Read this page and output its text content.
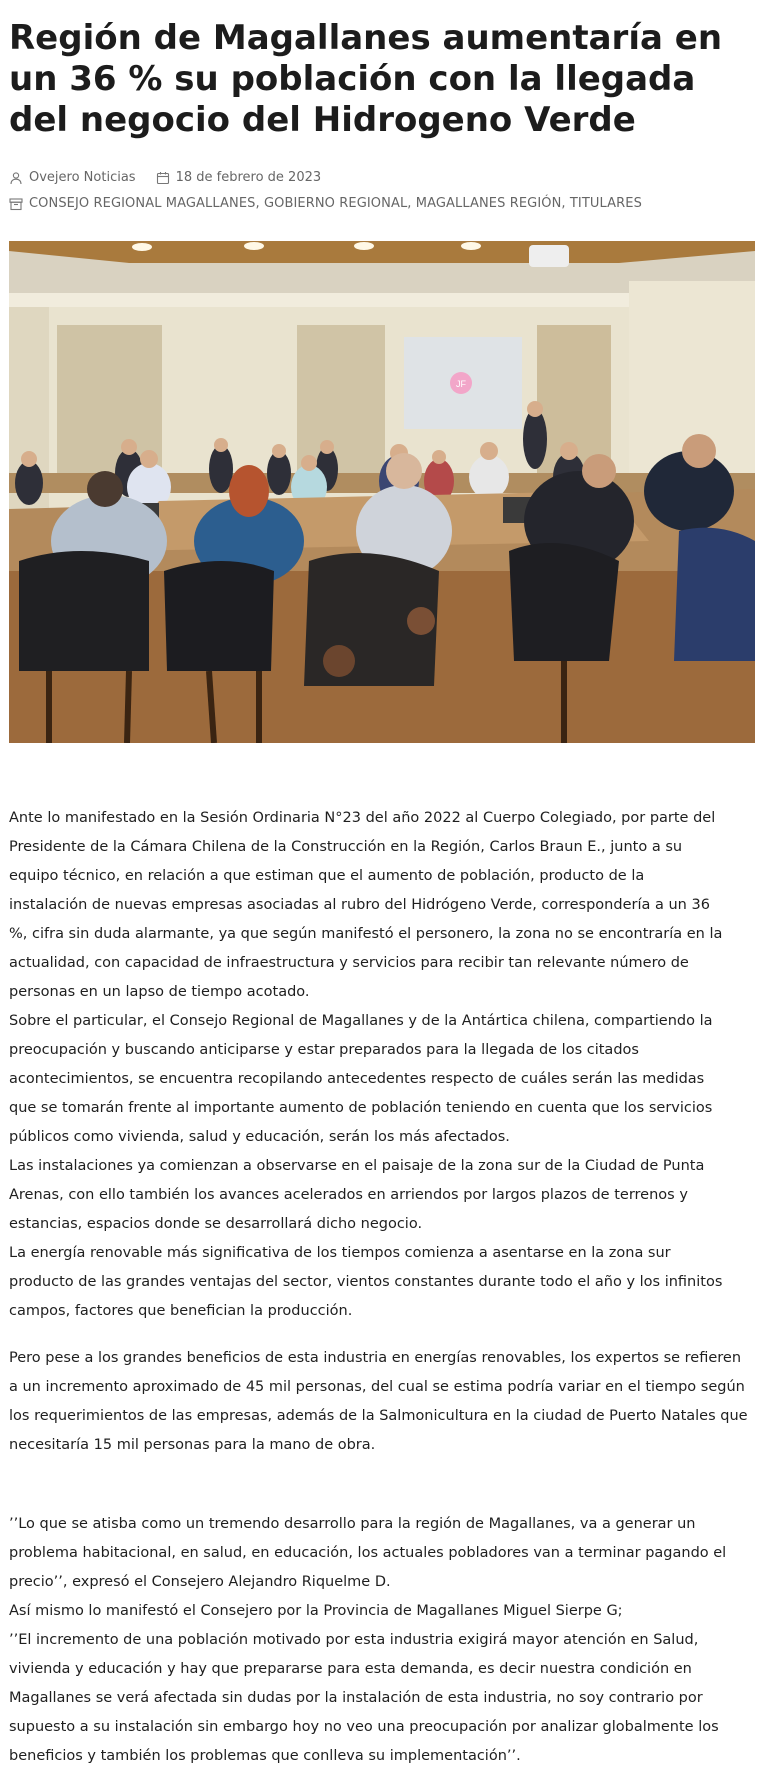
Región de Magallanes aumentaría en un 36 % su población con la llegada del negocio del Hidrogeno Verde
Ovejero Noticias	18 de febrero de 2023
CONSEJO REGIONAL MAGALLANES, GOBIERNO REGIONAL, MAGALLANES REGIÓN, TITULARES
JF

Ante lo manifestado en la Sesión Ordinaria N°23 del año 2022 al Cuerpo Colegiado, por parte del Presidente de la Cámara Chilena de la Construcción en la Región, Carlos Braun E., junto a su equipo técnico, en relación a que estiman que el aumento de población, producto de la instalación de nuevas empresas asociadas al rubro del Hidrógeno Verde, correspondería a un 36 %, cifra sin duda alarmante, ya que según manifestó el personero, la zona no se encontraría en la actualidad, con capacidad de infraestructura y servicios para recibir tan relevante número de personas en un lapso de tiempo acotado.

Sobre el particular, el Consejo Regional de Magallanes y de la Antártica chilena, compartiendo la preocupación y buscando anticiparse y estar preparados para la llegada de los citados acontecimientos, se encuentra recopilando antecedentes respecto de cuáles serán las medidas que se tomarán frente al importante aumento de población teniendo en cuenta que los servicios públicos como vivienda, salud y educación, serán los más afectados.

Las instalaciones ya comienzan a observarse en el paisaje de la zona sur de la Ciudad de Punta Arenas, con ello también los avances acelerados en arriendos por largos plazos de terrenos y estancias, espacios donde se desarrollará dicho negocio.

La energía renovable más significativa de los tiempos comienza a asentarse en la zona sur producto de las grandes ventajas del sector, vientos constantes durante todo el año y los infinitos campos, factores que benefician la producción.

Pero pese a los grandes beneficios de esta industria en energías renovables, los expertos se refieren a un incremento aproximado de 45 mil personas, del cual se estima podría variar en el tiempo según los requerimientos de las empresas, además de la Salmonicultura en la ciudad de Puerto Natales que necesitaría 15 mil personas para la mano de obra.

’’Lo que se atisba como un tremendo desarrollo para la región de Magallanes, va a generar un problema habitacional, en salud, en educación, los actuales pobladores van a terminar pagando el precio’’, expresó el Consejero Alejandro Riquelme D.

Así mismo lo manifestó el Consejero por la Provincia de Magallanes Miguel Sierpe G;

’’El incremento de una población motivado por esta industria exigirá mayor atención en Salud, vivienda y educación y hay que prepararse para esta demanda, es decir nuestra condición en Magallanes se verá afectada sin dudas por la instalación de esta industria, no soy contrario por supuesto a su instalación sin embargo hoy no veo una preocupación por analizar globalmente los beneficios y también los problemas que conlleva su implementación’’.
